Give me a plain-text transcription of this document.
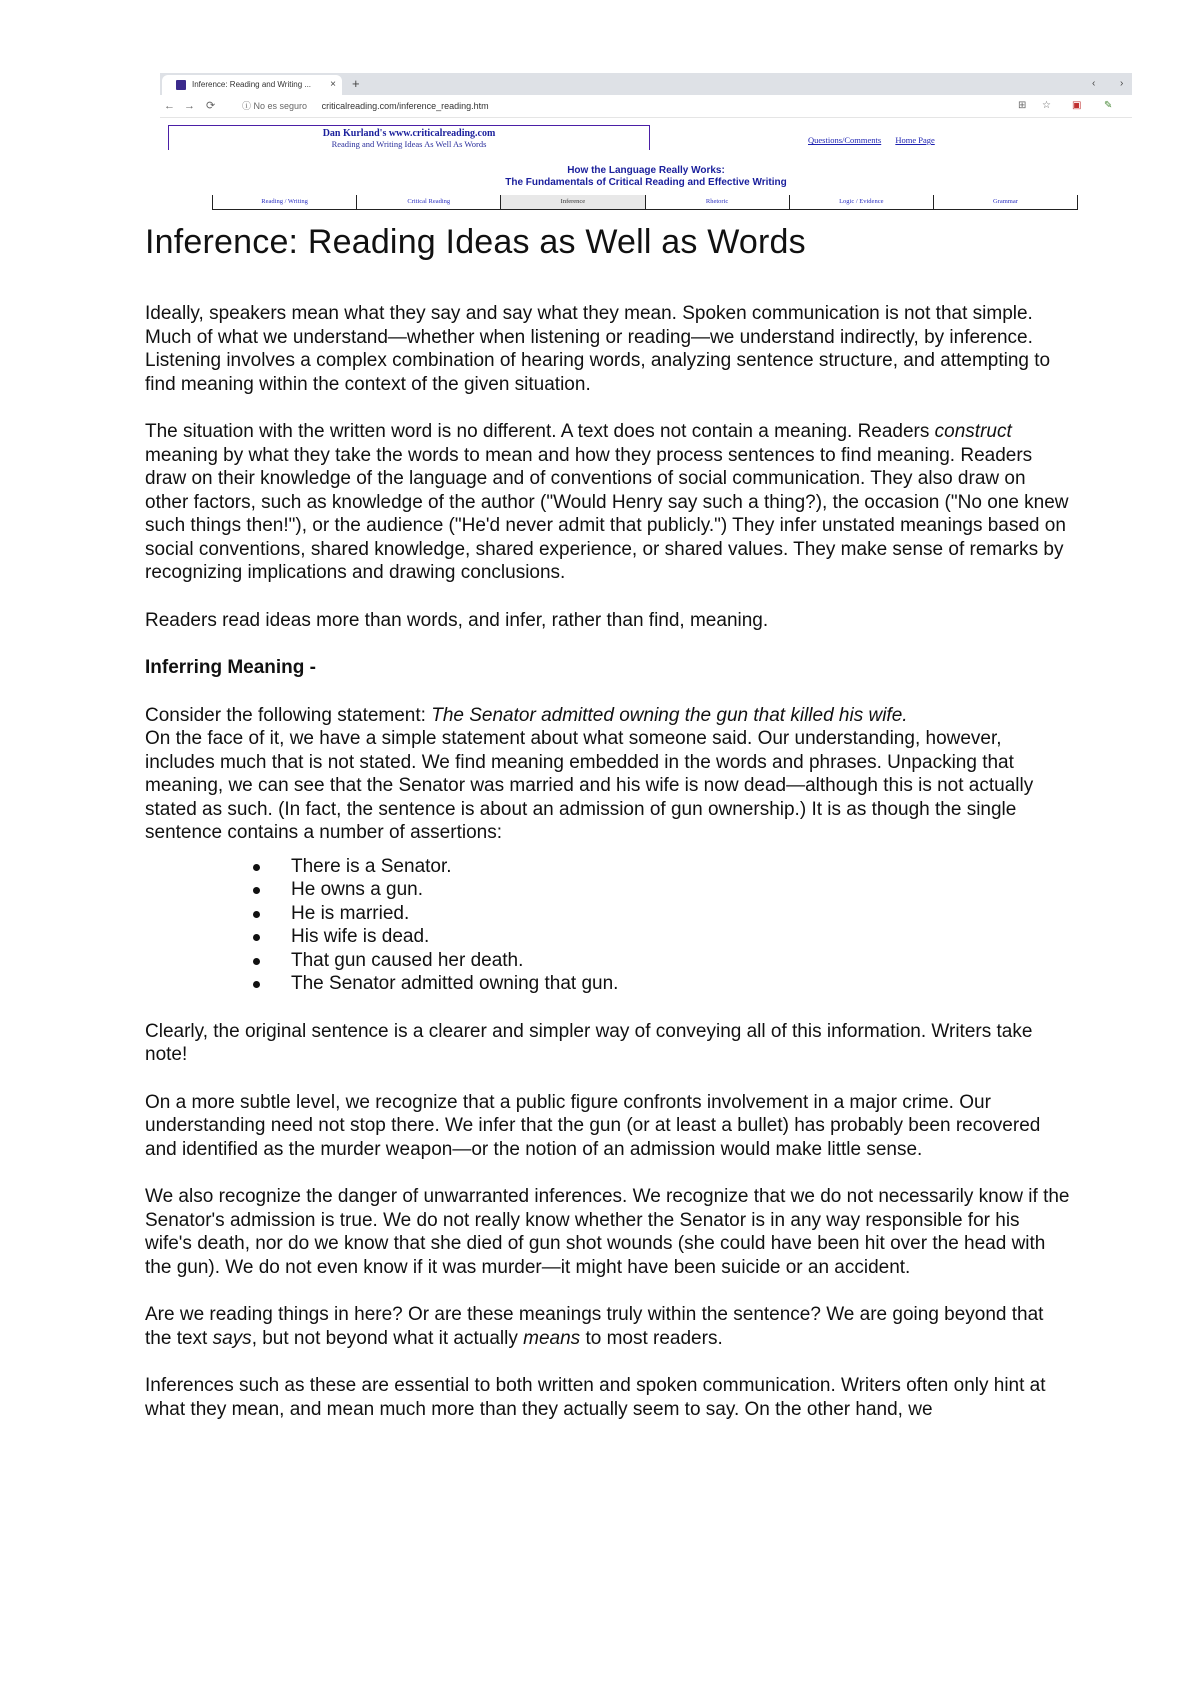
Inference: Reading and Writing ... × +	‹ ›
← → ⟳	ⓘ No es seguro criticalreading.com/inference_reading.htm	⊞ ☆ ▣ ✎
Dan Kurland's www.criticalreading.com
Reading and Writing Ideas As Well As Words	Questions/Comments Home Page
How the Language Really Works:
The Fundamentals of Critical Reading and Effective Writing
Reading / Writing	Critical Reading	Inference	Rhetoric	Logic / Evidence	Grammar
Inference: Reading Ideas as Well as Words

Ideally, speakers mean what they say and say what they mean. Spoken communication is not that simple. Much of what we understand—whether when listening or reading—we understand indirectly, by inference. Listening involves a complex combination of hearing words, analyzing sentence structure, and attempting to find meaning within the context of the given situation.

The situation with the written word is no different. A text does not contain a meaning. Readers construct meaning by what they take the words to mean and how they process sentences to find meaning. Readers draw on their knowledge of the language and of conventions of social communication. They also draw on other factors, such as knowledge of the author ("Would Henry say such a thing?), the occasion ("No one knew such things then!"), or the audience ("He'd never admit that publicly.") They infer unstated meanings based on social conventions, shared knowledge, shared experience, or shared values. They make sense of remarks by recognizing implications and drawing conclusions.

Readers read ideas more than words, and infer, rather than find, meaning.

Inferring Meaning -

Consider the following statement: The Senator admitted owning the gun that killed his wife.

On the face of it, we have a simple statement about what someone said. Our understanding, however, includes much that is not stated. We find meaning embedded in the words and phrases. Unpacking that meaning, we can see that the Senator was married and his wife is now dead—although this is not actually stated as such. (In fact, the sentence is about an admission of gun ownership.) It is as though the single sentence contains a number of assertions:

There is a Senator.
He owns a gun.
He is married.
His wife is dead.
That gun caused her death.
The Senator admitted owning that gun.

Clearly, the original sentence is a clearer and simpler way of conveying all of this information. Writers take note!

On a more subtle level, we recognize that a public figure confronts involvement in a major crime. Our understanding need not stop there. We infer that the gun (or at least a bullet) has probably been recovered and identified as the murder weapon—or the notion of an admission would make little sense.

We also recognize the danger of unwarranted inferences. We recognize that we do not necessarily know if the Senator's admission is true. We do not really know whether the Senator is in any way responsible for his wife's death, nor do we know that she died of gun shot wounds (she could have been hit over the head with the gun). We do not even know if it was murder—it might have been suicide or an accident.

Are we reading things in here? Or are these meanings truly within the sentence? We are going beyond that the text says, but not beyond what it actually means to most readers.

Inferences such as these are essential to both written and spoken communication. Writers often only hint at what they mean, and mean much more than they actually seem to say. On the other hand, we
